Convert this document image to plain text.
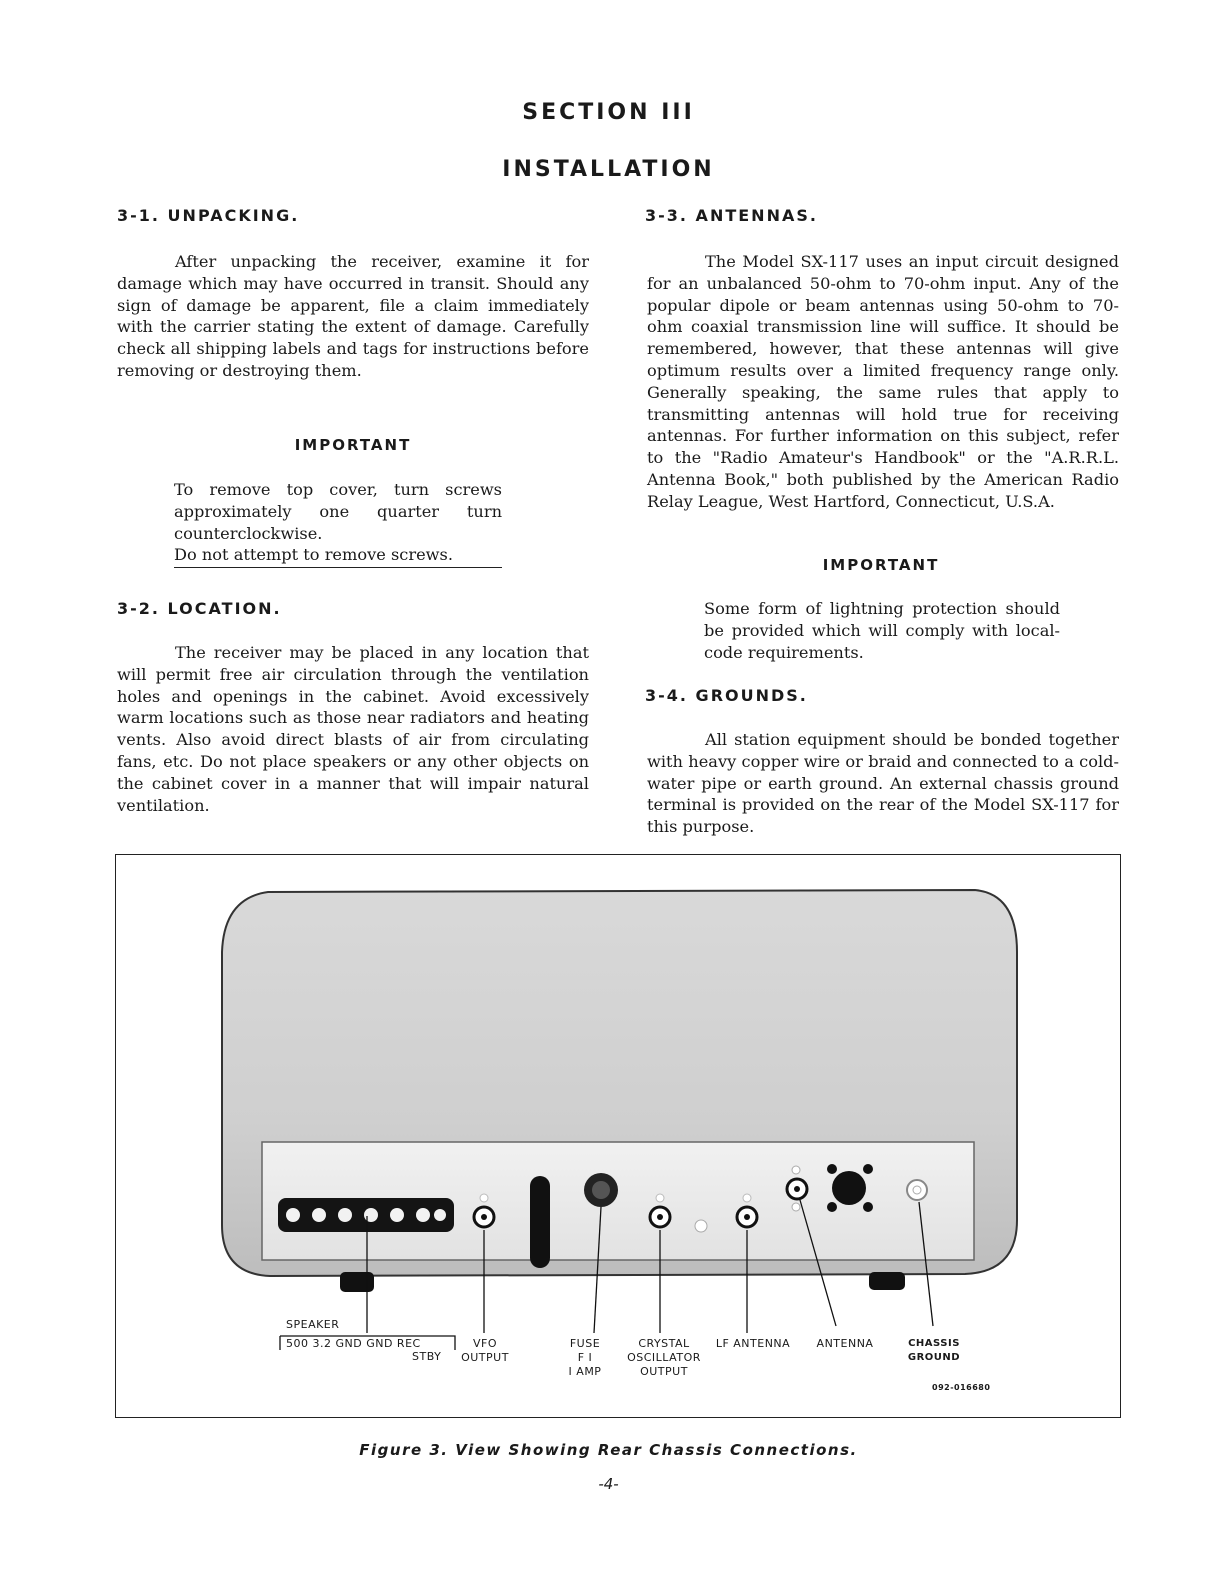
SECTION III
INSTALLATION
3-1. UNPACKING.

After unpacking the receiver, examine it for damage which may have occurred in transit. Should any sign of damage be apparent, file a claim immediately with the carrier stating the extent of damage. Carefully check all shipping labels and tags for instructions before removing or destroying them.

IMPORTANT
To remove top cover, turn screws approximately one quarter turn counterclockwise.
Do not attempt to remove screws.
3-2. LOCATION.

The receiver may be placed in any location that will permit free air circulation through the ventilation holes and openings in the cabinet. Avoid excessively warm locations such as those near radiators and heating vents. Also avoid direct blasts of air from circulating fans, etc. Do not place speakers or any other objects on the cabinet cover in a manner that will impair natural ventilation.

3-3. ANTENNAS.

The Model SX-117 uses an input circuit designed for an unbalanced 50-ohm to 70-ohm input. Any of the popular dipole or beam antennas using 50-ohm to 70-ohm coaxial transmission line will suffice. It should be remembered, however, that these antennas will give optimum results over a limited frequency range only. Generally speaking, the same rules that apply to transmitting antennas will hold true for receiving antennas. For further information on this subject, refer to the "Radio Amateur's Handbook" or the "A.R.R.L. Antenna Book," both published by the American Radio Relay League, West Hartford, Connecticut, U.S.A.

IMPORTANT
Some form of lightning protection should be provided which will comply with local-code requirements.
3-4. GROUNDS.

All station equipment should be bonded together with heavy copper wire or braid and connected to a cold-water pipe or earth ground. An external chassis ground terminal is provided on the rear of the Model SX-117 for this purpose.

SPEAKER
500 3.2 GND GND REC
STBY
VFO
OUTPUT
FUSE
F I
I AMP
CRYSTAL
OSCILLATOR
OUTPUT
LF ANTENNA	ANTENNA	CHASSIS
GROUND
092-016680
Figure 3. View Showing Rear Chassis Connections.
-4-
